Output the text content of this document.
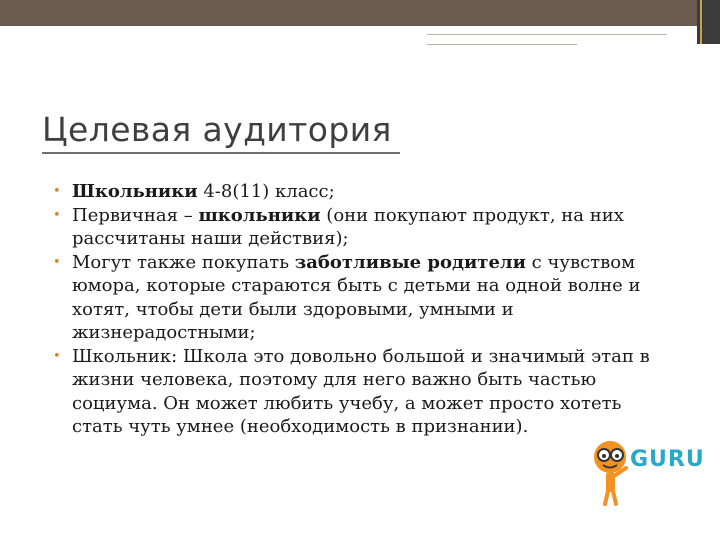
Целевая аудитория
• Школьники 4-8(11) класс;
• Первичная – школьники (они покупают продукт, на них рассчитаны наши действия);
• Могут также покупать заботливые родители с чувством юмора, которые стараются быть с детьми на одной волне и хотят, чтобы дети были здоровыми, умными и жизнерадостными;
• Школьник: Школа это довольно большой и значимый этап в жизни человека, поэтому для него важно быть частью социума. Он может любить учебу, а может просто хотеть стать чуть умнее (необходимость в признании).
GURU
